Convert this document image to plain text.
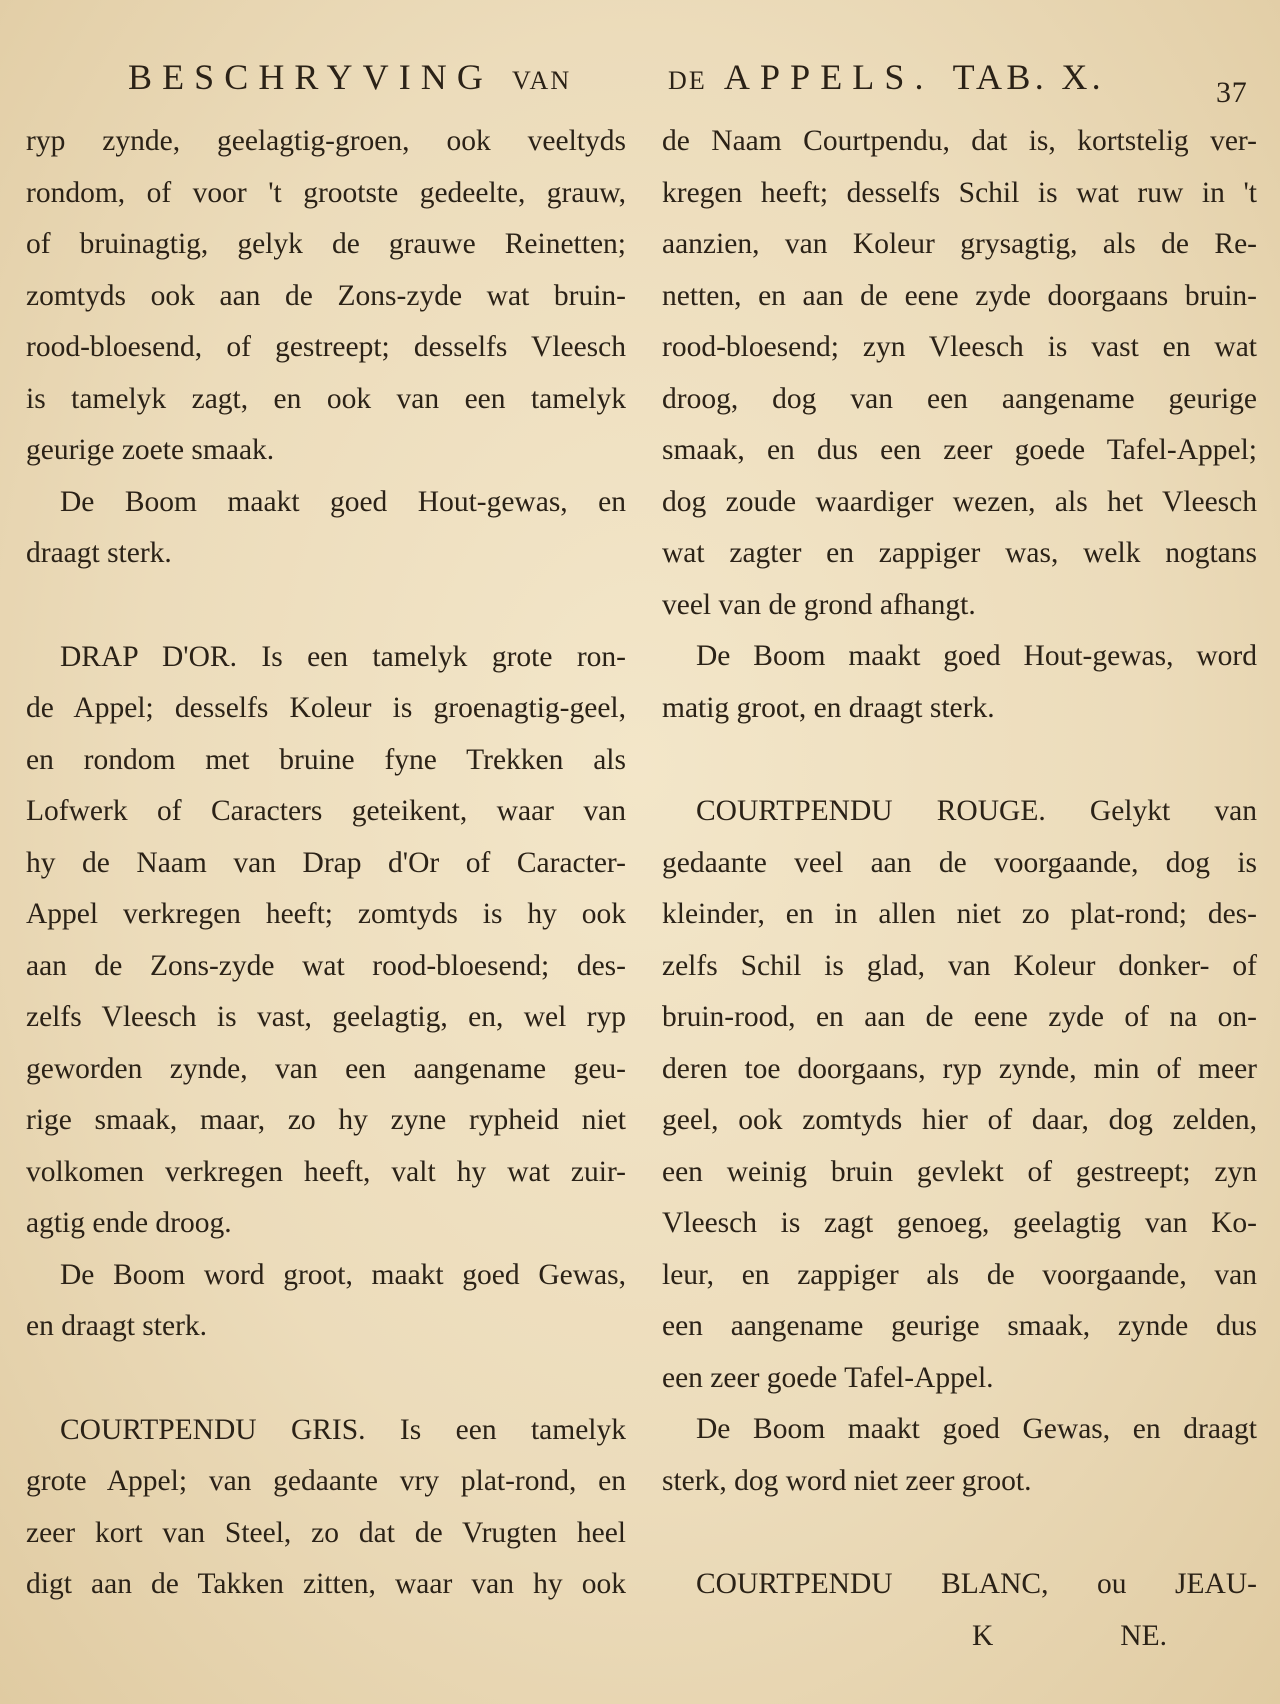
BESCHRYVING VAN	DE APPELS. TAB. X.	37
ryp zynde, geelagtig-groen, ook veeltyds
rondom, of voor 't grootste gedeelte, grauw,
of bruinagtig, gelyk de grauwe Reinetten;
zomtyds ook aan de Zons-zyde wat bruin-
rood-bloesend, of gestreept; desselfs Vleesch
is tamelyk zagt, en ook van een tamelyk
geurige zoete smaak.
De Boom maakt goed Hout-gewas, en
draagt sterk.
DRAP D'OR. Is een tamelyk grote ron-
de Appel; desselfs Koleur is groenagtig-geel,
en rondom met bruine fyne Trekken als
Lofwerk of Caracters geteikent, waar van
hy de Naam van Drap d'Or of Caracter-
Appel verkregen heeft; zomtyds is hy ook
aan de Zons-zyde wat rood-bloesend; des-
zelfs Vleesch is vast, geelagtig, en, wel ryp
geworden zynde, van een aangename geu-
rige smaak, maar, zo hy zyne rypheid niet
volkomen verkregen heeft, valt hy wat zuir-
agtig ende droog.
De Boom word groot, maakt goed Gewas,
en draagt sterk.
COURTPENDU GRIS. Is een tamelyk
grote Appel; van gedaante vry plat-rond, en
zeer kort van Steel, zo dat de Vrugten heel
digt aan de Takken zitten, waar van hy ook
de Naam Courtpendu, dat is, kortstelig ver-
kregen heeft; desselfs Schil is wat ruw in 't
aanzien, van Koleur grysagtig, als de Re-
netten, en aan de eene zyde doorgaans bruin-
rood-bloesend; zyn Vleesch is vast en wat
droog, dog van een aangename geurige
smaak, en dus een zeer goede Tafel-Appel;
dog zoude waardiger wezen, als het Vleesch
wat zagter en zappiger was, welk nogtans
veel van de grond afhangt.
De Boom maakt goed Hout-gewas, word
matig groot, en draagt sterk.
COURTPENDU ROUGE. Gelykt van
gedaante veel aan de voorgaande, dog is
kleinder, en in allen niet zo plat-rond; des-
zelfs Schil is glad, van Koleur donker- of
bruin-rood, en aan de eene zyde of na on-
deren toe doorgaans, ryp zynde, min of meer
geel, ook zomtyds hier of daar, dog zelden,
een weinig bruin gevlekt of gestreept; zyn
Vleesch is zagt genoeg, geelagtig van Ko-
leur, en zappiger als de voorgaande, van
een aangename geurige smaak, zynde dus
een zeer goede Tafel-Appel.
De Boom maakt goed Gewas, en draagt
sterk, dog word niet zeer groot.
COURTPENDU BLANC, ou JEAU-
K	NE.
